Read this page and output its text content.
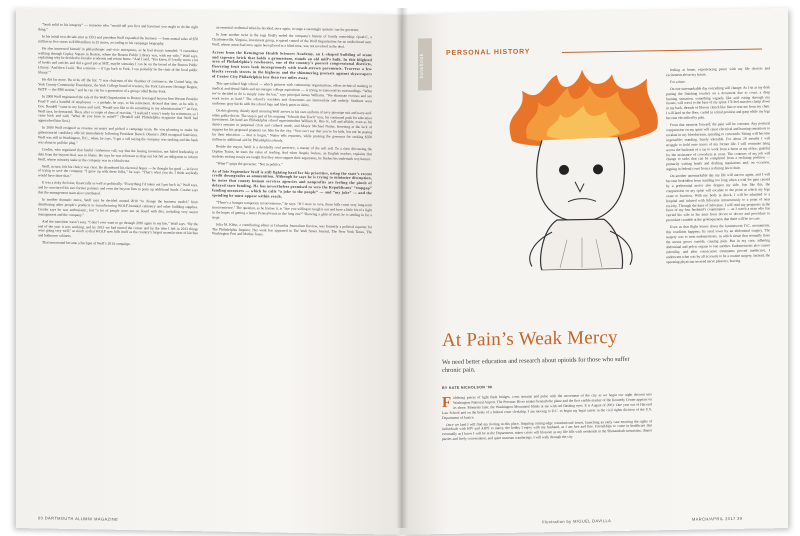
“book solid to his integrity” — someone who “would tell you first and foremost you ought to do the right thing.”

In his initial two-decade stint as CEO and president Wolf expanded the business — from annual sales of $70 million in five stores to $380 million in 25 stores, according to his campaign biography.

He also immersed himself in philanthropic and civic enterprises, as he had always intended. “I remember walking through Copley Square in Boston, where the Boston Public Library was, with my wife,” Wolf says, explaining why he decided to forsake academia and return home. “And I said, ‘You know, if I really wrote a lot of books and articles and did a good job at MIT, maybe someday I can be on the board of the Boston Public Library.’ And then I said, ‘But a minute — if I go back to York, I can probably be the chair of the local public library.’”

He did far more. He ticks off the list: “I was chairman of the chamber of commerce, the United Way, the York County Community Foundation, the York College board of trustees, the York Lancaster Heritage Region, WITF — the PBS station,” and he can cite for a generation of a group called Better York.

In 2008 Wolf engineered the sale of the Wolf Organization to Boston leveraged buyout firm Weston Presidio Fund V and a handful of employees — a prelude, he says, to his retirement. Around that time, as he tells it, Gov. Rendell “came to my house and said, ‘Would you like to do something in my administration?’” At first, Wolf says, he demurred. Then, after a couple of days of reaction, “I realized I wasn’t ready for retirement, so I came back and said, ‘What do you have in mind?’” (Rendell told Philadelphia magazine that Wolf had approached him first.)

In 2009 Wolf resigned as revenue secretary and picked a campaign team. He was planning to make his gubernatorial candidacy official immediately following President Barack Obama’s 2009 inaugural festivities. Wolf was still in Washington, D.C., when, he says, “I got a call saying the company was tanking and the bank was about to pull the plug.”

Credits, who organized that fateful conference call, say that the leasing invention, not failed leadership or debt from the buyout deal, was to blame. He says he was reluctant to drop out but felt an obligation to inform Wolf, whose minority stake in the company was in a blind trust.

Wolf, in turn, felt his choice was clear. He abandoned his electoral hopes — he thought for good — in favor of trying to save the company. “I grew up with these folks,” he says. “That’s what you do. I think anybody would have done that.”

It was a risky decision, financially as well as politically. “Everything I’d taken out I put back in,” Wolf says, and he convinced his two former partners and even the buyout firm to pony up additional funds. Costler says that the management team also contributed.

In another dramatic move, Wolf says he decided around 2010 “to change the business model,” from distributing other people’s products to manufacturing WOLF-branded cabinetry and other building supplies. Costler says he was enthusiastic, but “a lot of people were not on board with this, including very senior management and the company.”

And the transition wasn’t easy. “I don’t ever want to go through 2010 again in my life,” Wolf says. “By the end of the year it was working, and by 2012 we had turned the corner and by the time I left in 2013 things were going very well,” so much so that WOLF now bills itself as the country’s largest manufacturer of kitchen and bathroom cabinets.

That turnaround became a linchpin of Wolf’s 2014 campaign.

an essential credential when he decided, once again, to stage a seemingly quixotic run for governor.

In June another twist in the saga finally ended the company’s history of family ownership: Quad-C, a Charlottesville, Virginia, investment group, acquired control of the Wolf Organization for an undisclosed sum. Wolf, whose assets had once again been placed in a blind trust, was not involved in the deal.

Across from the Kensington Health Sciences Academy, an L-shaped building of stone and tapestry brick that holds a gymnasium, stands an old mill’s hulk. In this blighted area of Philadelphia’s rowhouses, one of the country’s poorest congressional districts, flowering fruit trees look incongruously with trash-strewn pavements. Traverse a few blocks reveals streets in the highway and the shimmering protests against skyscrapers of Center City Philadelphia less than two miles away.

This specialized high school — which partners with community organizations, offers technical training in medical and dental fields and encourages college aspirations — is trying to transcend its surroundings. “What we’ve decided to do is simply raise the bar,” says principal James Williams. “We eliminate excuses and say work twice as hard.” The school’s corridors and classrooms are immaculate and orderly. Students wear uniforms: gray slacks with the school logo and black pants or skirts.

On this gloomy, drizzly April morning Wolf arrives in his own uniform of navy pinstripe suit and navy-and-white polka-dot tie. The stop is part of his ongoing “Schools that Teach” tour, his continued push for education investment. On hand are Philadelphia school superintendent William R. Hite Jr., tall and affable, even as his district remains in perpetual crisis and cutback mode, and Mayor Michael Nutter, frowning at the lack of support for his proposed property tax hike for the city. “You can’t say that you’re for kids, but not be paying for their education — that is bogus,” Nutter tells reporters, while praising the governor for seeking $350 million in additional aid for Philadelphia schools.

Beside the mayor, Wolf is a decidedly cool presence, a master of the soft sell. To a class discussing the Orphan Trains, he touts the value of reading. And when Angela Ivelese, an English teacher, explains that students writing essays are taught that they must support their arguments, he flashes his trademark wry humor.

“What?” quips the governor. “Not in politics.”

As of late September Wolf is still fighting hard for his priorities, using the state’s recent credit downgrades as ammunition. Although he says he is trying to minimize disruption, he notes that county human services agencies and nonprofits are feeling the pinch of delayed state funding. He has nevertheless promised to veto the Republicans’ “stopgap” funding measures — which he calls “a joke to the people” — and “my joke” — and the spending he must oppose within reach.

“There’s a bumper temporary inconvenience,” he says. “If I were to cave, those bills come very long-term inconvenience.” The question, as he frames it, is “Are you willing to tough it out and have a little bit of a fight in the hopes of getting a better Pennsylvania in the long run?” Showing a glint of steel, he is settling in for a siege.

Julia M. Klein, a contributing editor at Columbia Journalism Review, was formerly a political reporter for The Philadelphia Inquirer. Her work has appeared in The Wall Street Journal, The New York Times, The Washington Post and Mother Jones.

60 DARTMOUTH ALUMNI MAGAZINE
notebook
PERSONAL HISTORY
At Pain’s Weak Mercy
We need better education and research about opioids for those who suffer chronic pain.
BY KATE NICHOLSON ‘96

Fiddering pieces of light flash bridges, cross streams and pulse with the movement of the city as we begin our night descent into Washington National Airport. The Potomac River snakes beneath the plane and the first visible marker of the Kennedy Center appears on its shore. Moments later, the Washington Monument blinks at me with red flashing eyes. It is August of 2003. One year out of Harvard Law School and on the heels of a federal court clerkship, I am moving to D.C. to begin my legal career in the civil rights division of the U.S. Department of Justice.

Once we land I will find my footing in this place, litigating cutting-edge constitutional issues, launching an early case enacting the rights of individuals with HIV and AIDS to marry, the hobby I enjoy with my husband, as I am free and fine. Friendships to come in healthcare that eventually as I know I will be in the Department, minor crises will blossom as my life fills with weekends in the Shenandoah mountains, dinner parties and lively conversation, and quiet museum wanderings. I will walk through the city

feeling at home, experiencing peace with my life choices and excitement about my future.

For a time.

On one unremarkable day everything will change. As I sit at my desk putting the finishing touches on a document due to court, a deep burning sensation, something vaguely like acid eating through my tissues, will crawl to the base of my spine. I’ll feel muscles clamp down in my back, threads of fibrous clench like fists to tear me from my chair. I will land on the floor, curled in a fetal position and gasp while my legs become electrified by pain.

From that moment forward, the pain will be constant. Any postural compression on my spine will cause electrical and burning sensations to escalate in my bloodstream, spiraling to crescendo. Sitting will become impossible; standing, barely tolerable. For about 20 months I will struggle to hold onto traces of my former life. I will commute lying across the backseat of a car to work from a futon at my office, grateful for the assistance of coworkers at court. The contours of my job will change to tasks that can be completed from a reclining position — primarily writing briefs and drafting regulations and, on occasion, arguing in federal court from a reclining lawn chair.

On another unremarkable day my life will narrow again, and I will become bedridden from standing too long when a trial for pain caused by a preferential motor also deepen my side. Just like this, the compression on my spine will escalate to the point at which my legs cease to function. With my body in shock, I will be admitted to a hospital and infused with lidocaine intravenously to a point of near toxicity. Through the haze of lidocaine, I will read my prognosis in the faces of my four husband’s countenance — as I watch a man who has carried his wife in his arms from doctor to doctor and procedure to procedure crumble at the grotesqueness that there will be no cure.

Even as that flight leaves down the luminescent D.C. monuments, this condition happens. Its seed sown by an abdominal surgery. The surgery was to treat endometriosis, in which tissue that normally lines the uterus grows outside, causing pain. But in my case, adhering abdominal and pelvic organs to one another. Endometriosis also causes infertility, and after consecutive treatments proved ineffective, I underwent what was by all accounts to be a routine surgery. Instead, the operating physician severed nerve pleavers, leaving

Illustration by MIGUEL DAVILLA	MARCH/APRIL 2017 39
